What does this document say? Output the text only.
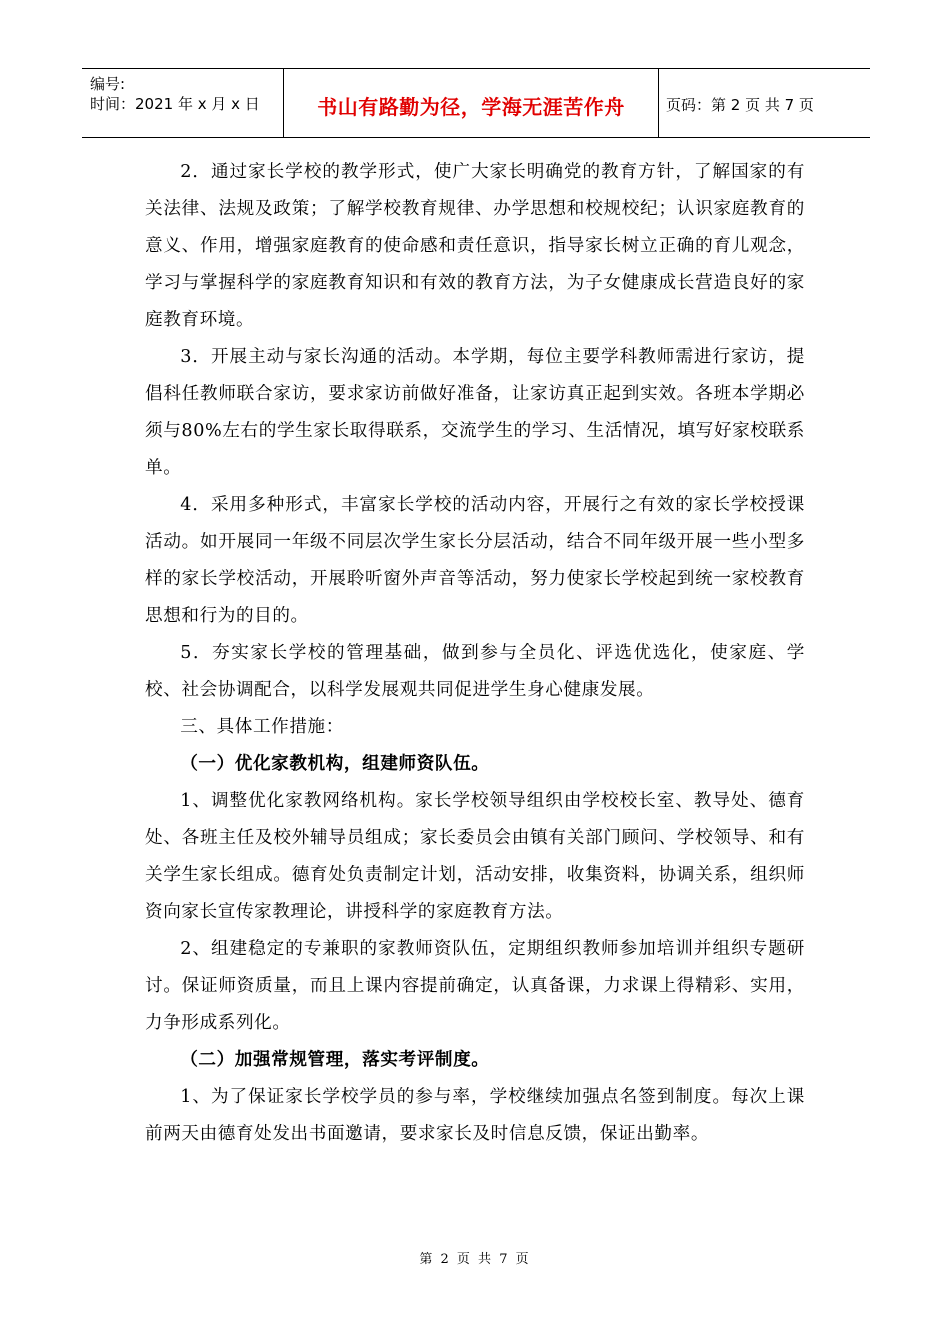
编号:
时间：2021 年 x 月 x 日	书山有路勤为径，学海无涯苦作舟	页码：第 2 页 共 7 页

2．通过家长学校的教学形式，使广大家长明确党的教育方针，了解国家的有关法律、法规及政策；了解学校教育规律、办学思想和校规校纪；认识家庭教育的意义、作用，增强家庭教育的使命感和责任意识，指导家长树立正确的育儿观念，学习与掌握科学的家庭教育知识和有效的教育方法，为子女健康成长营造良好的家庭教育环境。

3．开展主动与家长沟通的活动。本学期，每位主要学科教师需进行家访，提倡科任教师联合家访，要求家访前做好准备，让家访真正起到实效。各班本学期必须与80%左右的学生家长取得联系，交流学生的学习、生活情况，填写好家校联系单。

4．采用多种形式，丰富家长学校的活动内容，开展行之有效的家长学校授课活动。如开展同一年级不同层次学生家长分层活动，结合不同年级开展一些小型多样的家长学校活动，开展聆听窗外声音等活动，努力使家长学校起到统一家校教育思想和行为的目的。

5．夯实家长学校的管理基础，做到参与全员化、评选优选化，使家庭、学校、社会协调配合，以科学发展观共同促进学生身心健康发展。

三、具体工作措施：

（一）优化家教机构，组建师资队伍。

1、调整优化家教网络机构。家长学校领导组织由学校校长室、教导处、德育处、各班主任及校外辅导员组成；家长委员会由镇有关部门顾问、学校领导、和有关学生家长组成。德育处负责制定计划，活动安排，收集资料，协调关系，组织师资向家长宣传家教理论，讲授科学的家庭教育方法。

2、组建稳定的专兼职的家教师资队伍，定期组织教师参加培训并组织专题研讨。保证师资质量，而且上课内容提前确定，认真备课，力求课上得精彩、实用，力争形成系列化。

（二）加强常规管理，落实考评制度。

1、为了保证家长学校学员的参与率，学校继续加强点名签到制度。每次上课前两天由德育处发出书面邀请，要求家长及时信息反馈，保证出勤率。

第 2 页 共 7 页
